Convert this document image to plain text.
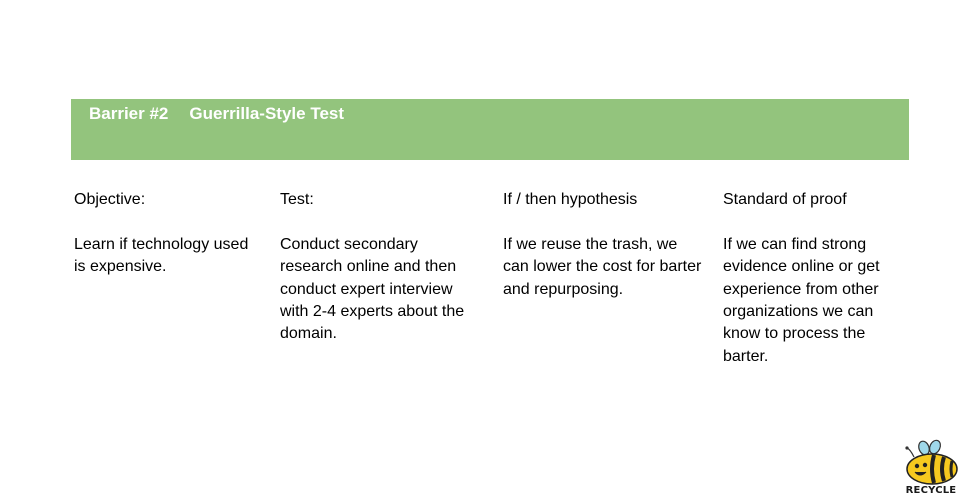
Barrier #2 Guerrilla-Style Test
Objective:
Learn if technology used is expensive.
Test:
Conduct secondary research online and then conduct expert interview with 2-4 experts about the domain.
If / then hypothesis
If we reuse the trash, we can lower the cost for barter and repurposing.
Standard of proof
If we can find strong evidence online or get experience from other organizations we can know to process the barter.
RECYCLE
